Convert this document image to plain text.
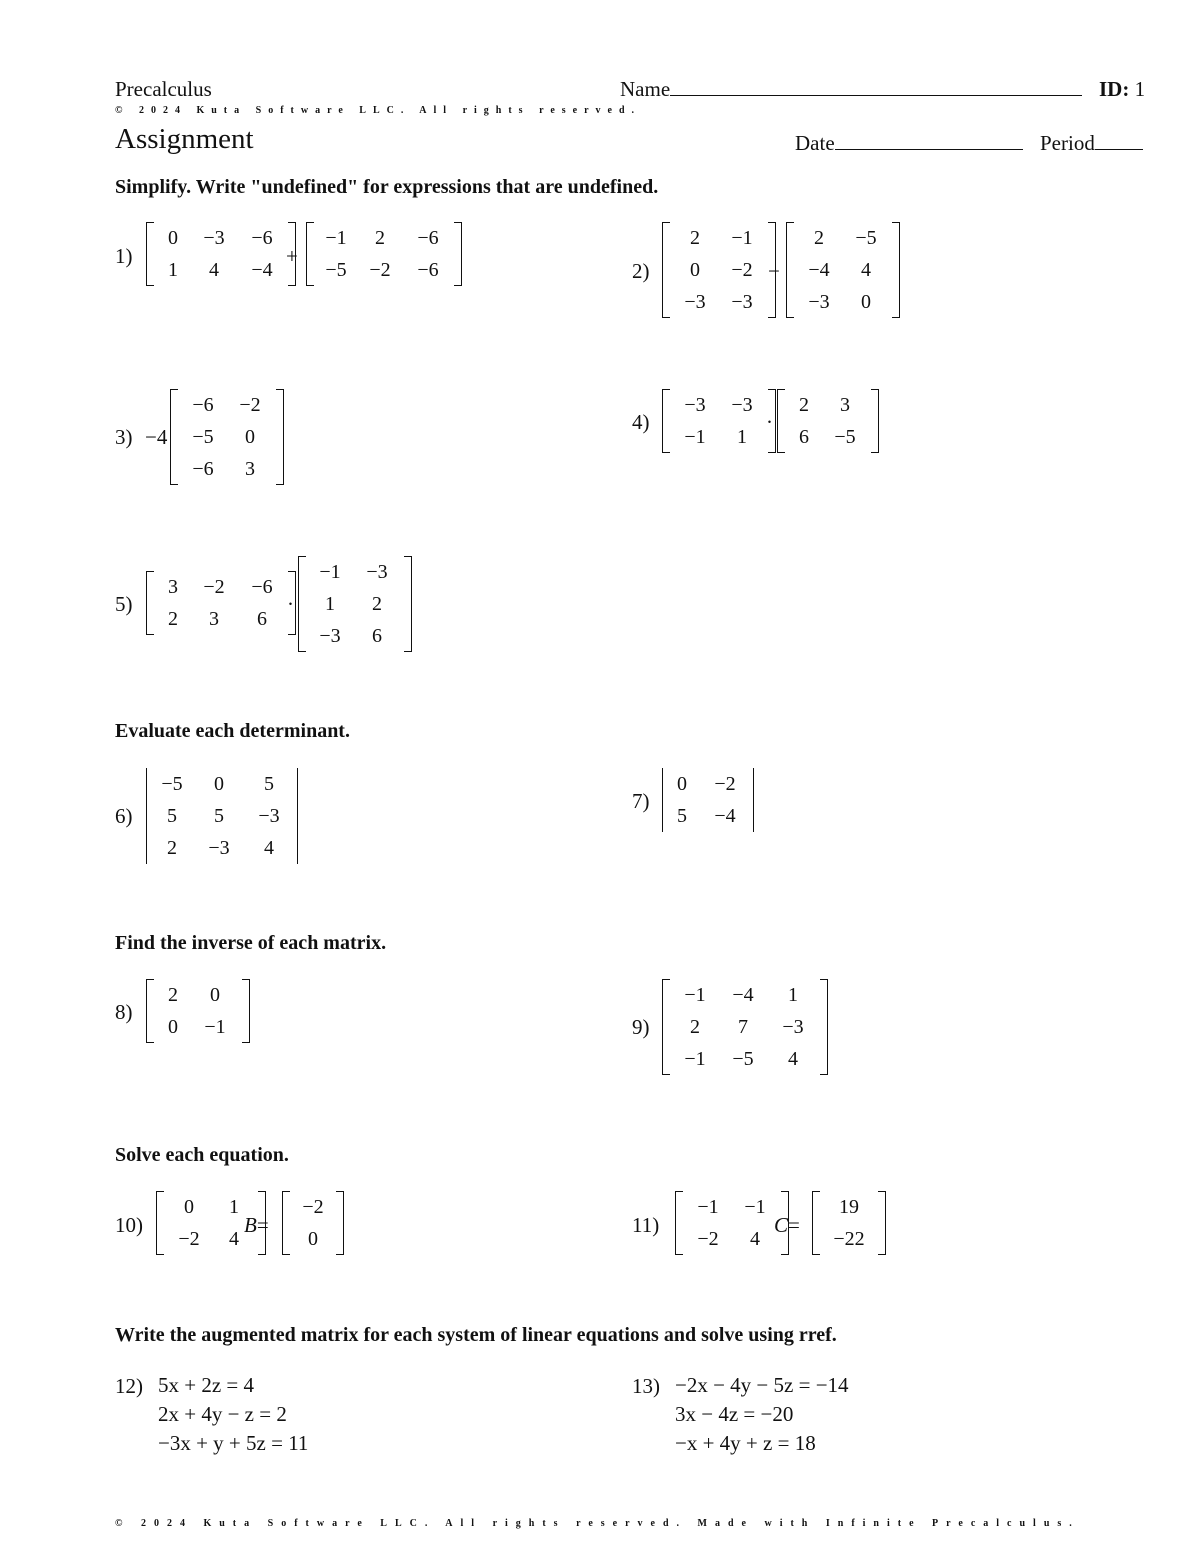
Precalculus	Name	ID: 1
© 2024 Kuta Software LLC. All rights reserved.
Assignment	Date	Period
Simplify. Write "undefined" for expressions that are undefined.
1)
0	−3	−6
1	4	−4
+
−1	2	−6
−5	−2	−6	2)
2	−1
0	−2
−3	−3
−
2	−5
−4	4
−3	0
3) −4
−6	−2
−5	0
−6	3
4)
−3	−3
−1	1
·
2	3
6	−5
5)
3	−2	−6
2	3	6
·
−1	−3
1	2
−3	6
Evaluate each determinant.
6)
−5	0	5
5	5	−3
2	−3	4
7)
0	−2
5	−4
Find the inverse of each matrix.
8)
2	0
0	−1	9)
−1	−4	1
2	7	−3
−1	−5	4
Solve each equation.
10)
0	1
−2	4
B=
−2
0
11)
−1	−1
−2	4
C=
19
−22
Write the augmented matrix for each system of linear equations and solve using rref.
12) 5x + 2z = 4
2x + 4y − z = 2
−3x + y + 5z = 11
13) −2x − 4y − 5z = −14
3x − 4z = −20
−x + 4y + z = 18
© 2024 Kuta Software LLC. All rights reserved. Made with Infinite Precalculus.
